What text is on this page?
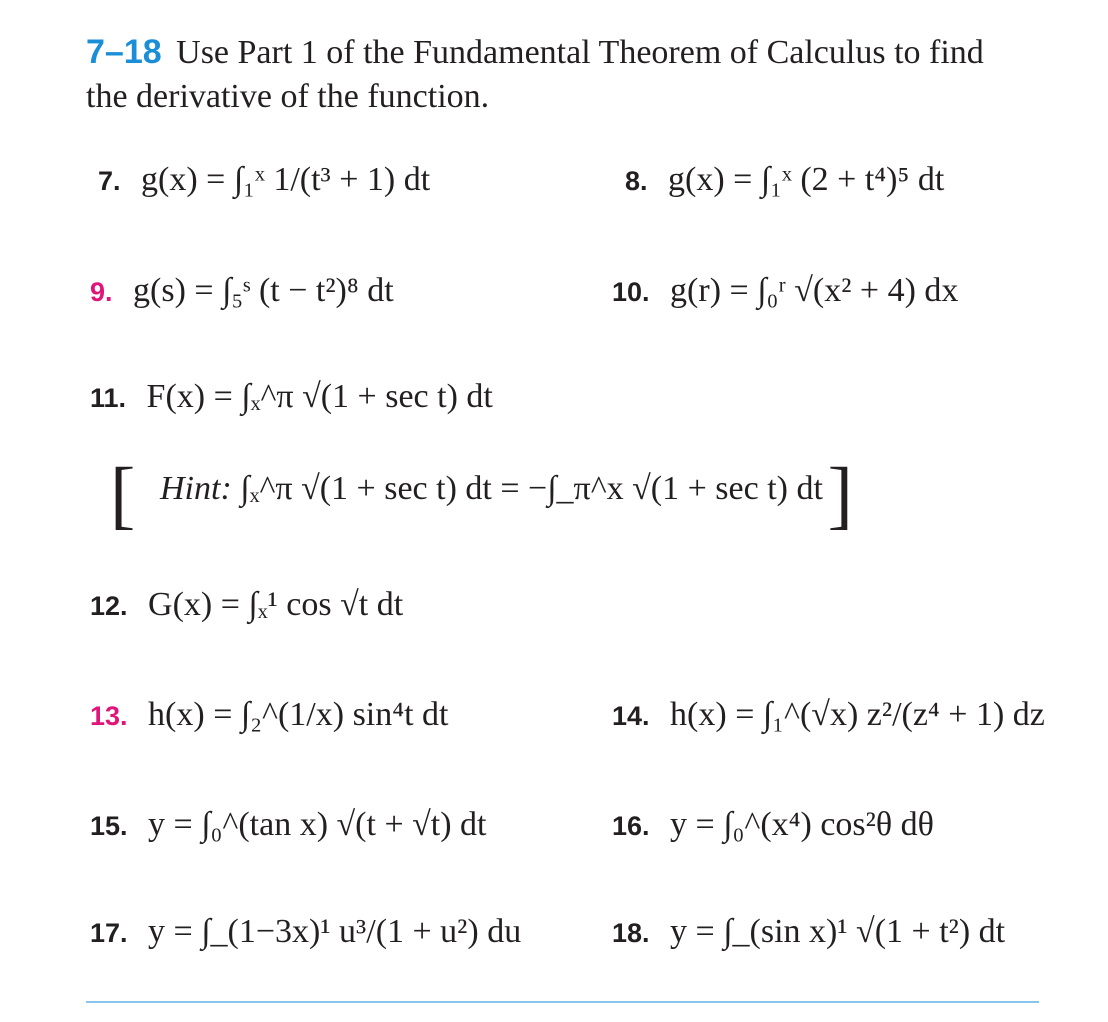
7–18 Use Part 1 of the Fundamental Theorem of Calculus to find the derivative of the function.
7. g(x) = ∫₁ˣ 1/(t³ + 1) dt	8. g(x) = ∫₁ˣ (2 + t⁴)⁵ dt
9. g(s) = ∫₅ˢ (t − t²)⁸ dt	10. g(r) = ∫₀ʳ √(x² + 4) dx
11. F(x) = ∫ₓ^π √(1 + sec t) dt
[ Hint: ∫ₓ^π √(1 + sec t) dt = −∫_π^x √(1 + sec t) dt ]
12. G(x) = ∫ₓ¹ cos √t dt
13. h(x) = ∫₂^(1/x) sin⁴t dt	14. h(x) = ∫₁^(√x) z²/(z⁴ + 1) dz
15. y = ∫₀^(tan x) √(t + √t) dt	16. y = ∫₀^(x⁴) cos²θ dθ
17. y = ∫_(1−3x)¹ u³/(1 + u²) du	18. y = ∫_(sin x)¹ √(1 + t²) dt
